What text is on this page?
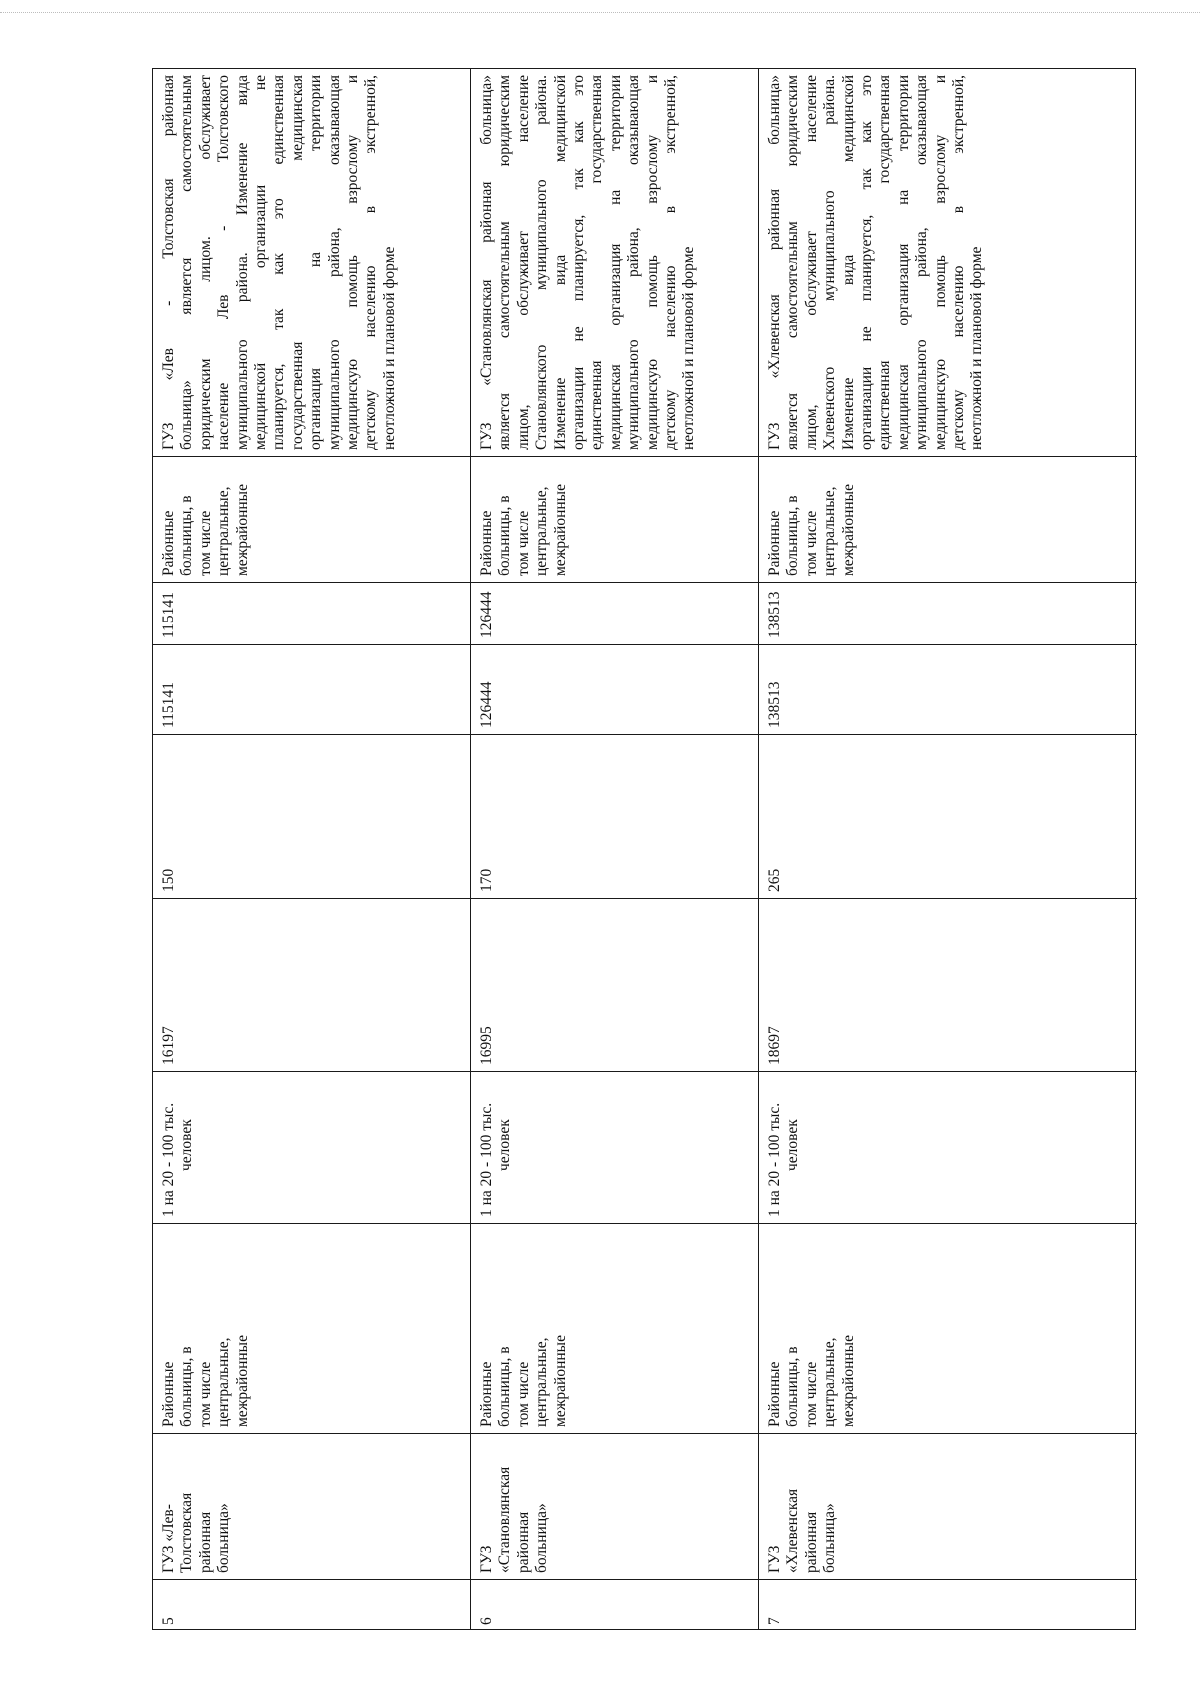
5
ГУЗ «Лев- Толстовская районная больница»
Районные больницы, в том числе центральные, межрайонные
1 на 20 - 100 тыс. человек
16197
150
115141
115141
Районные больницы, в том числе центральные, межрайонные
ГУЗ «Лев - Толстовская районная больница» является самостоятельным юридическим лицом. обслуживает население Лев - Толстовского муниципального района. Изменение вида медицинской организации не планируется, так как это единственная государственная медицинская организация на территории муниципального района, оказывающая медицинскую помощь взрослому и детскому населению в экстренной, неотложной и плановой форме
6
ГУЗ «Становлянская районная больница»
Районные больницы, в том числе центральные, межрайонные
1 на 20 - 100 тыс. человек
16995
170
126444
126444
Районные больницы, в том числе центральные, межрайонные
ГУЗ «Становлянская районная больница» является самостоятельным юридическим лицом, обслуживает население Становлянского муниципального района. Изменение вида медицинской организации не планируется, так как это единственная государственная медицинская организация на территории муниципального района, оказывающая медицинскую помощь взрослому и детскому населению в экстренной, неотложной и плановой форме
7
ГУЗ «Хлевенская районная больница»
Районные больницы, в том числе центральные, межрайонные
1 на 20 - 100 тыс. человек
18697
265
138513
138513
Районные больницы, в том числе центральные, межрайонные
ГУЗ «Хлевенская районная больница» является самостоятельным юридическим лицом, обслуживает население Хлевенского муниципального района. Изменение вида медицинской организации не планируется, так как это единственная государственная медицинская организация на территории муниципального района, оказывающая медицинскую помощь взрослому и детскому населению в экстренной, неотложной и плановой форме
